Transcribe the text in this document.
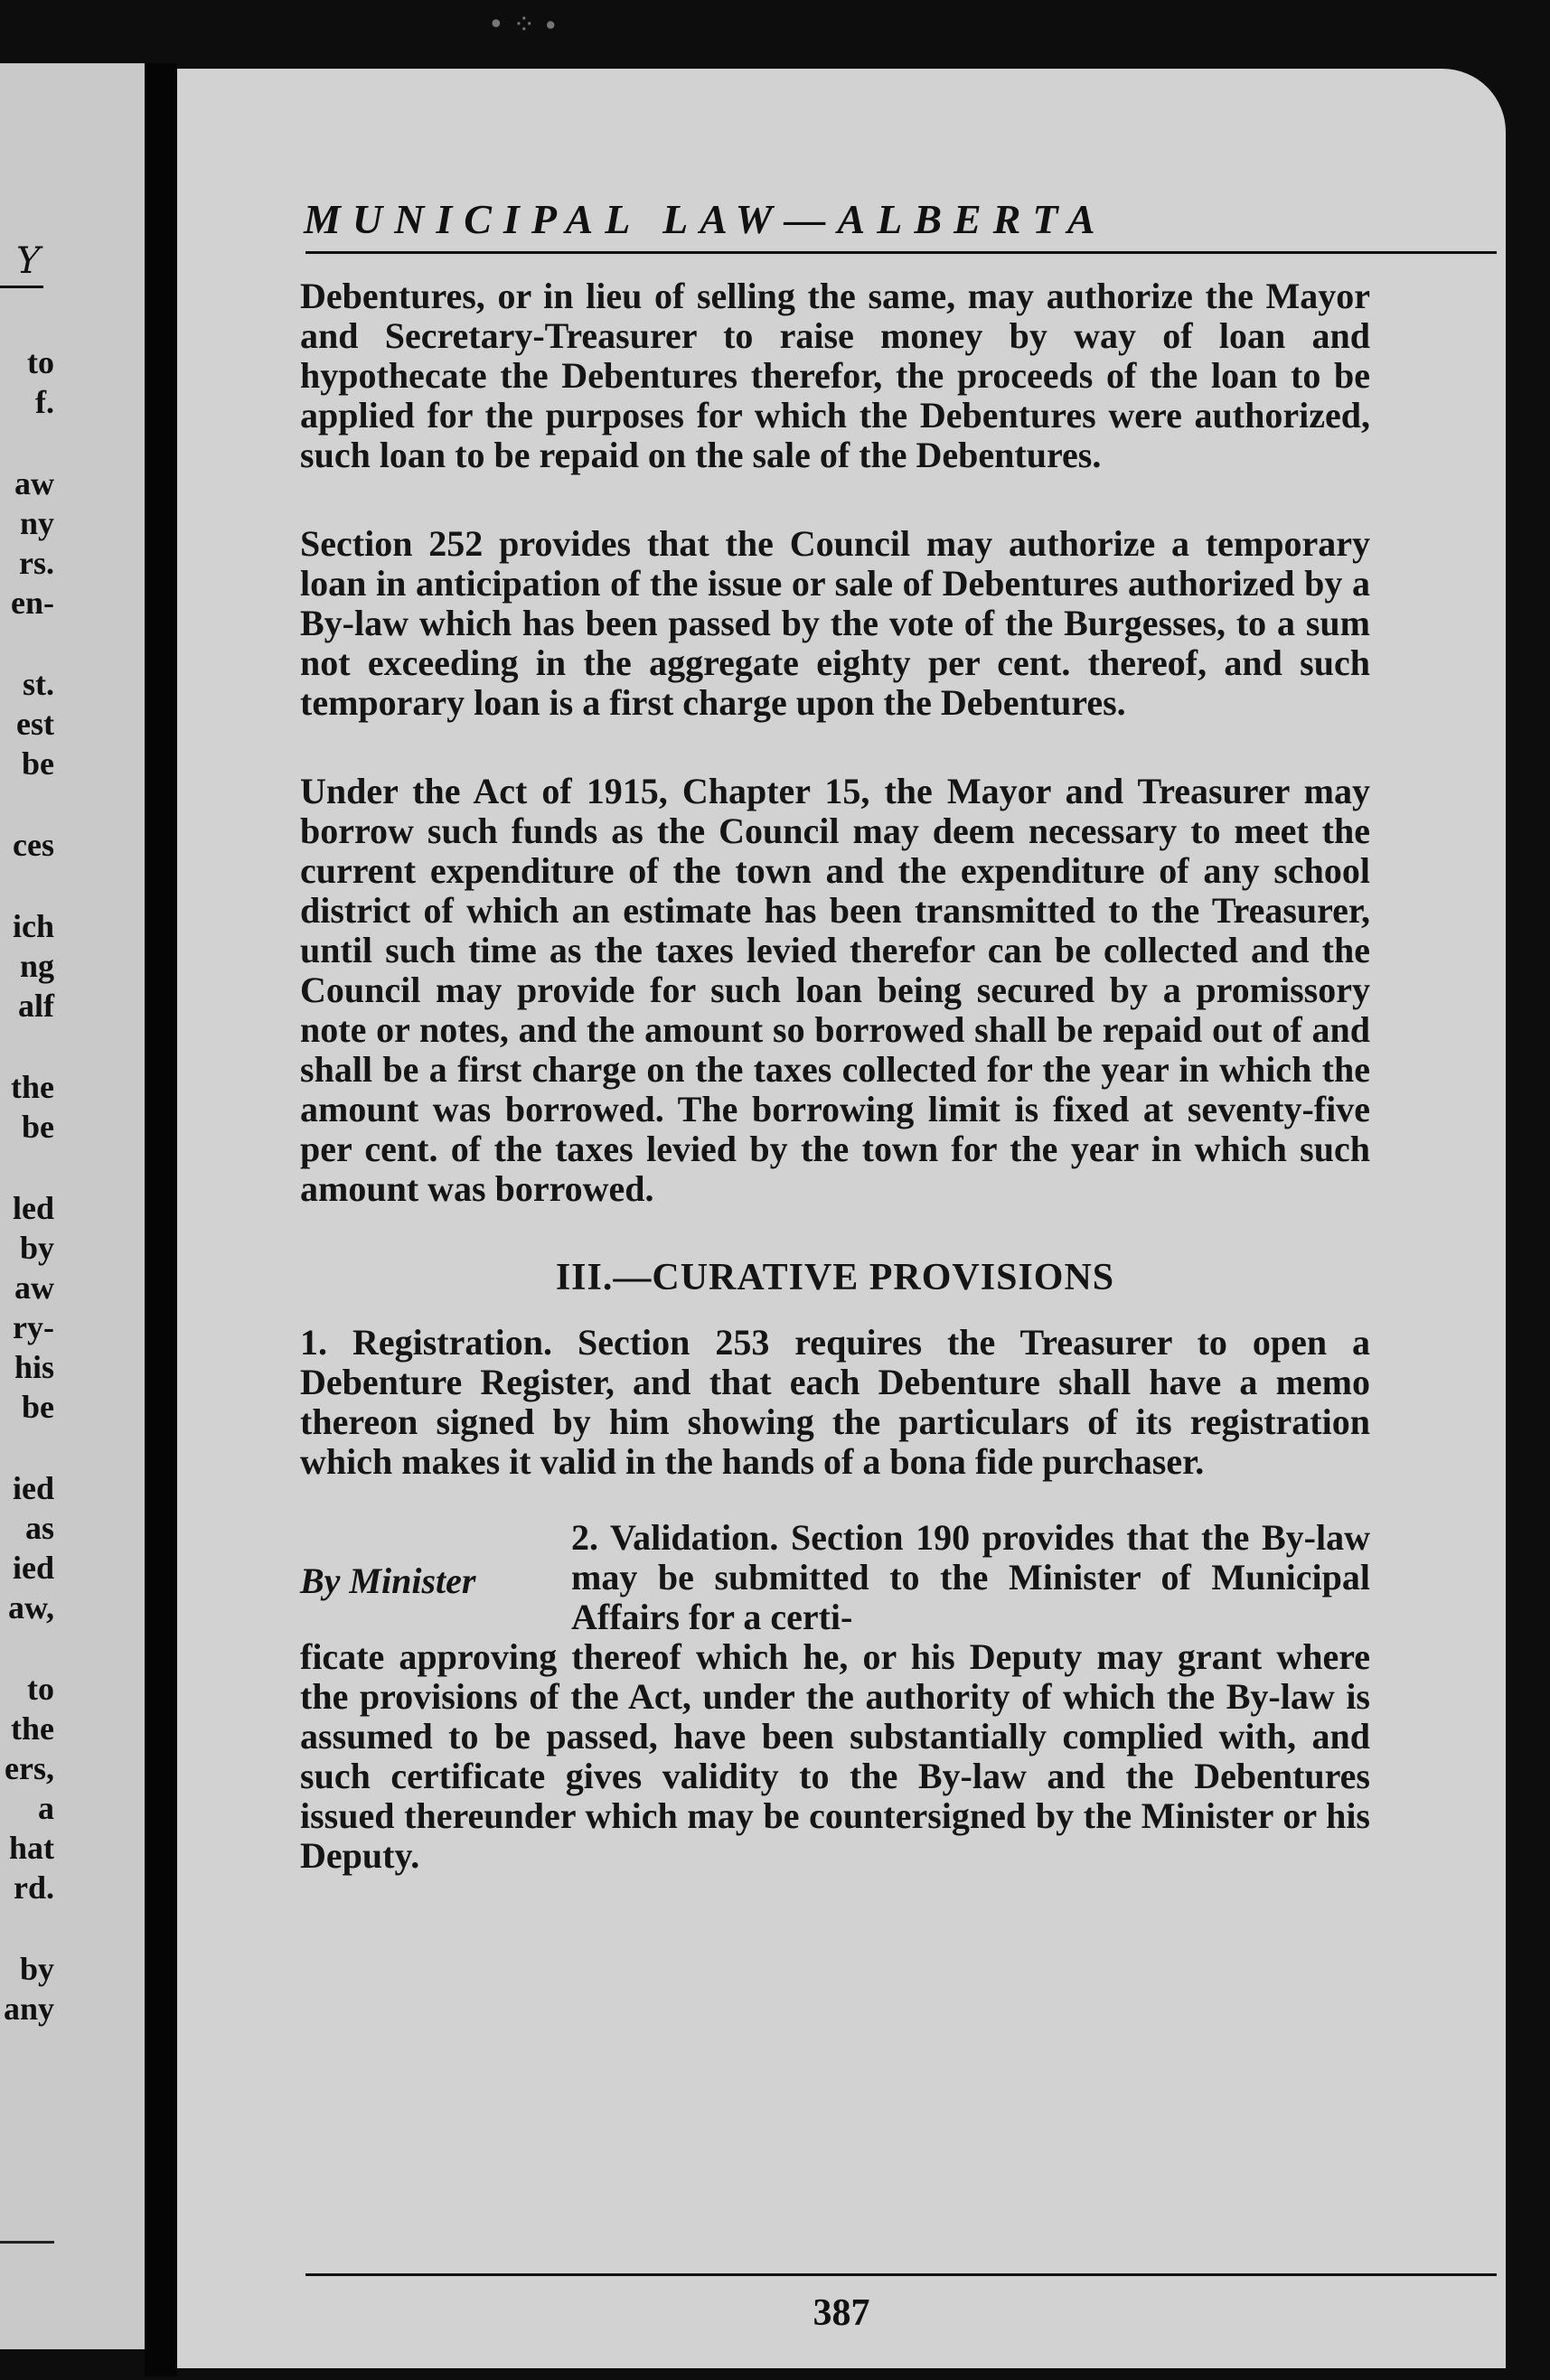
• ⁘ ∙
Y
to
f.
aw
ny
rs.
en-
st.
est
be
ces
ich
ng
alf
the
be
led
by
aw
ry-
his
be
ied
as
ied
aw,
to
the
ers,
a
hat
rd.
by
any
MUNICIPAL LAW—ALBERTA

Debentures, or in lieu of selling the same, may authorize the Mayor and Secretary-Treasurer to raise money by way of loan and hypothecate the Debentures therefor, the proceeds of the loan to be applied for the purposes for which the Debentures were authorized, such loan to be repaid on the sale of the Debentures.

Section 252 provides that the Council may authorize a temporary loan in anticipation of the issue or sale of Debentures authorized by a By-law which has been passed by the vote of the Burgesses, to a sum not exceeding in the aggregate eighty per cent. thereof, and such temporary loan is a first charge upon the Debentures.

Under the Act of 1915, Chapter 15, the Mayor and Treasurer may borrow such funds as the Council may deem necessary to meet the current expenditure of the town and the expenditure of any school district of which an estimate has been transmitted to the Treasurer, until such time as the taxes levied therefor can be collected and the Council may provide for such loan being secured by a promissory note or notes, and the amount so borrowed shall be repaid out of and shall be a first charge on the taxes collected for the year in which the amount was borrowed. The borrowing limit is fixed at seventy-five per cent. of the taxes levied by the town for the year in which such amount was borrowed.

III.—CURATIVE PROVISIONS

1. Registration. Section 253 requires the Treasurer to open a Debenture Register, and that each Debenture shall have a memo thereon signed by him showing the particulars of its registration which makes it valid in the hands of a bona fide purchaser.

By Minister
2. Validation. Section 190 provides that the By-law may be submitted to the Minister of Municipal Affairs for a certi-
ficate approving thereof which he, or his Deputy may grant where the provisions of the Act, under the authority of which the By-law is assumed to be passed, have been substantially complied with, and such certificate gives validity to the By-law and the Debentures issued thereunder which may be countersigned by the Minister or his Deputy.
387
